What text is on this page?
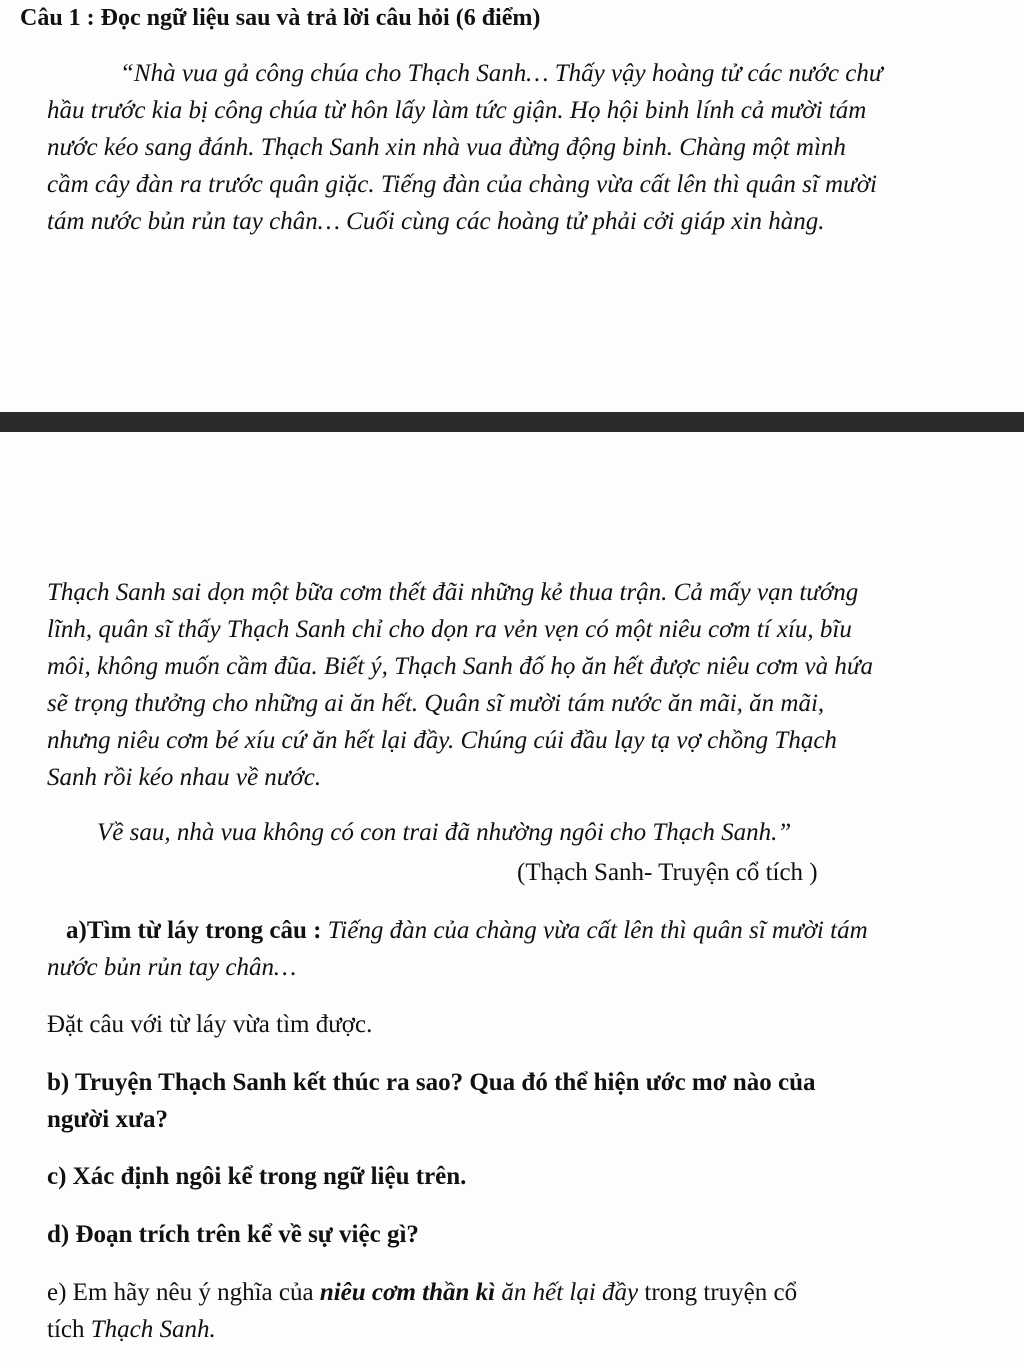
Câu 1 : Đọc ngữ liệu sau và trả lời câu hỏi (6 điểm)
“Nhà vua gả công chúa cho Thạch Sanh… Thấy vậy hoàng tử các nước chư
hầu trước kia bị công chúa từ hôn lấy làm tức giận. Họ hội binh lính cả mười tám
nước kéo sang đánh. Thạch Sanh xin nhà vua đừng động binh. Chàng một mình
cầm cây đàn ra trước quân giặc. Tiếng đàn của chàng vừa cất lên thì quân sĩ mười
tám nước bủn rủn tay chân… Cuối cùng các hoàng tử phải cởi giáp xin hàng.
Thạch Sanh sai dọn một bữa cơm thết đãi những kẻ thua trận. Cả mấy vạn tướng
lĩnh, quân sĩ thấy Thạch Sanh chỉ cho dọn ra vẻn vẹn có một niêu cơm tí xíu, bĩu
môi, không muốn cầm đũa. Biết ý, Thạch Sanh đố họ ăn hết được niêu cơm và hứa
sẽ trọng thưởng cho những ai ăn hết. Quân sĩ mười tám nước ăn mãi, ăn mãi,
nhưng niêu cơm bé xíu cứ ăn hết lại đầy. Chúng cúi đầu lạy tạ vợ chồng Thạch
Sanh rồi kéo nhau về nước.
Về sau, nhà vua không có con trai đã nhường ngôi cho Thạch Sanh.”
(Thạch Sanh- Truyện cổ tích )
a)Tìm từ láy trong câu : Tiếng đàn của chàng vừa cất lên thì quân sĩ mười tám
nước bủn rủn tay chân…
Đặt câu với từ láy vừa tìm được.
b) Truyện Thạch Sanh kết thúc ra sao? Qua đó thể hiện ước mơ nào của
người xưa?
c) Xác định ngôi kể trong ngữ liệu trên.
d) Đoạn trích trên kể về sự việc gì?
e) Em hãy nêu ý nghĩa của niêu cơm thần kì ăn hết lại đầy trong truyện cổ
tích Thạch Sanh.
